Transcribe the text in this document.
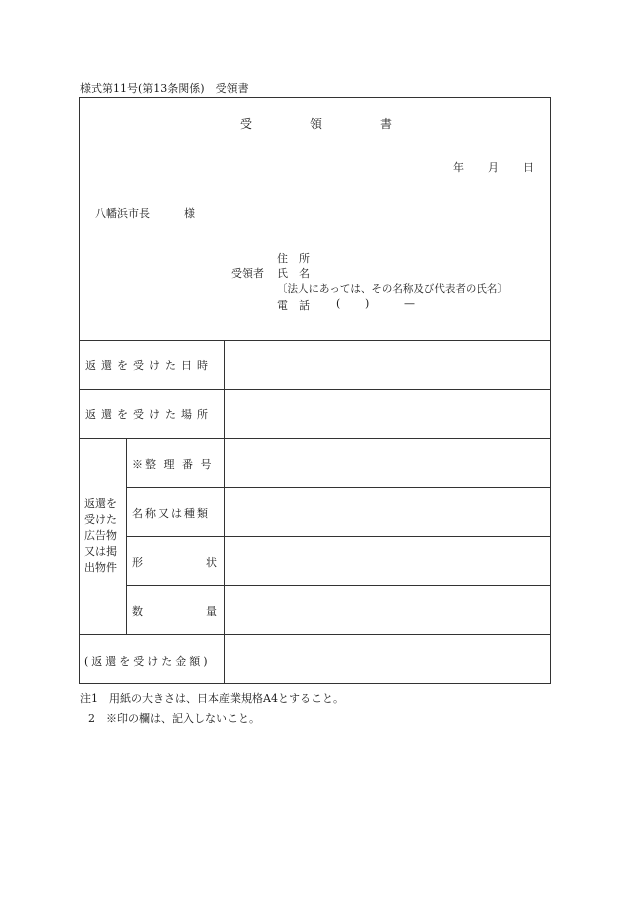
様式第11号(第13条関係)　受領書
受	領	書
年 月 日
八幡浜市長	様
住　所
受領者 氏　名
〔法人にあっては、その名称及び代表者の氏名〕
電　話 ( )	—
返還を受けた日時
返還を受けた場所
返還を
受けた
広告物
又は掲
出物件
※整 理 番 号
名称又は種類
形	状
数	量
(返還を受けた金額)
注1　用紙の大きさは、日本産業規格A4とすること。
2　※印の欄は、記入しないこと。
